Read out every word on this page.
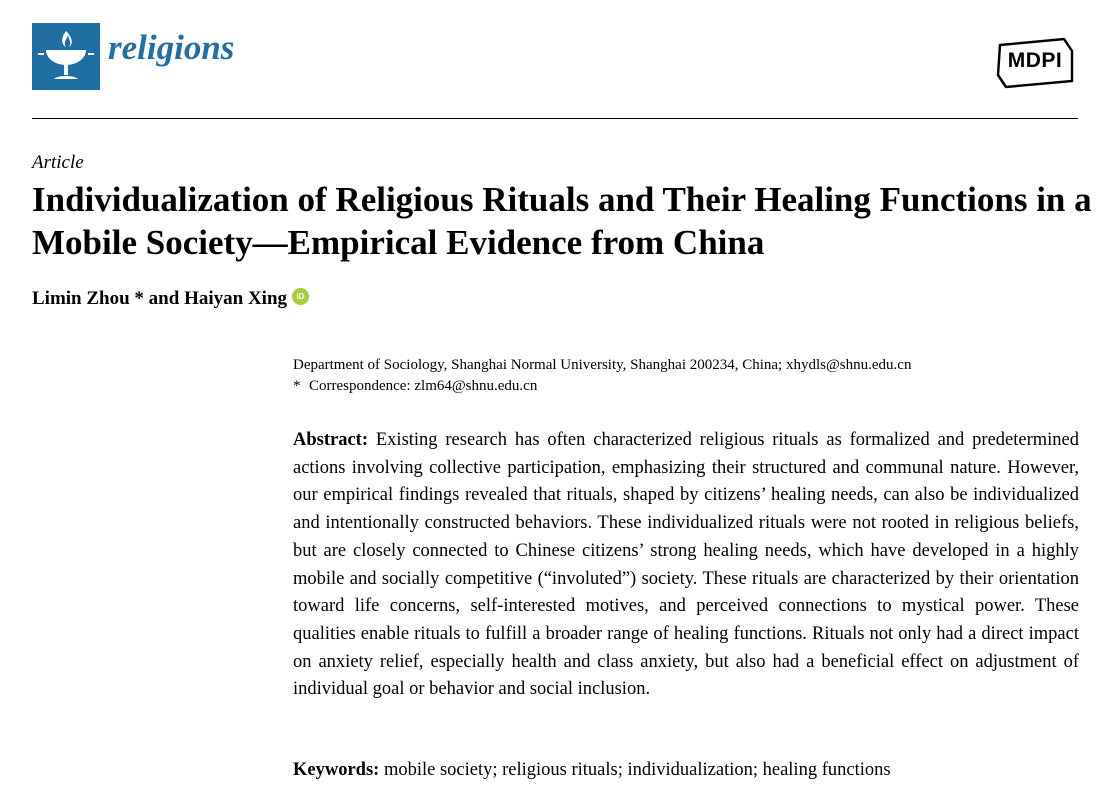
religions	MDPI
Article
Individualization of Religious Rituals and Their Healing Functions in a Mobile Society—Empirical Evidence from China
Limin Zhou * and Haiyan Xing	iD
Department of Sociology, Shanghai Normal University, Shanghai 200234, China; xhydls@shnu.edu.cn
* Correspondence: zlm64@shnu.edu.cn

Abstract: Existing research has often characterized religious rituals as formalized and predetermined actions involving collective participation, emphasizing their structured and communal nature. However, our empirical findings revealed that rituals, shaped by citizens’ healing needs, can also be individualized and intentionally constructed behaviors. These individualized rituals were not rooted in religious beliefs, but are closely connected to Chinese citizens’ strong healing needs, which have developed in a highly mobile and socially competitive (“involuted”) society. These rituals are characterized by their orientation toward life concerns, self-interested motives, and perceived connections to mystical power. These qualities enable rituals to fulfill a broader range of healing functions. Rituals not only had a direct impact on anxiety relief, especially health and class anxiety, but also had a beneficial effect on adjustment of individual goal or behavior and social inclusion.

Keywords: mobile society; religious rituals; individualization; healing functions
